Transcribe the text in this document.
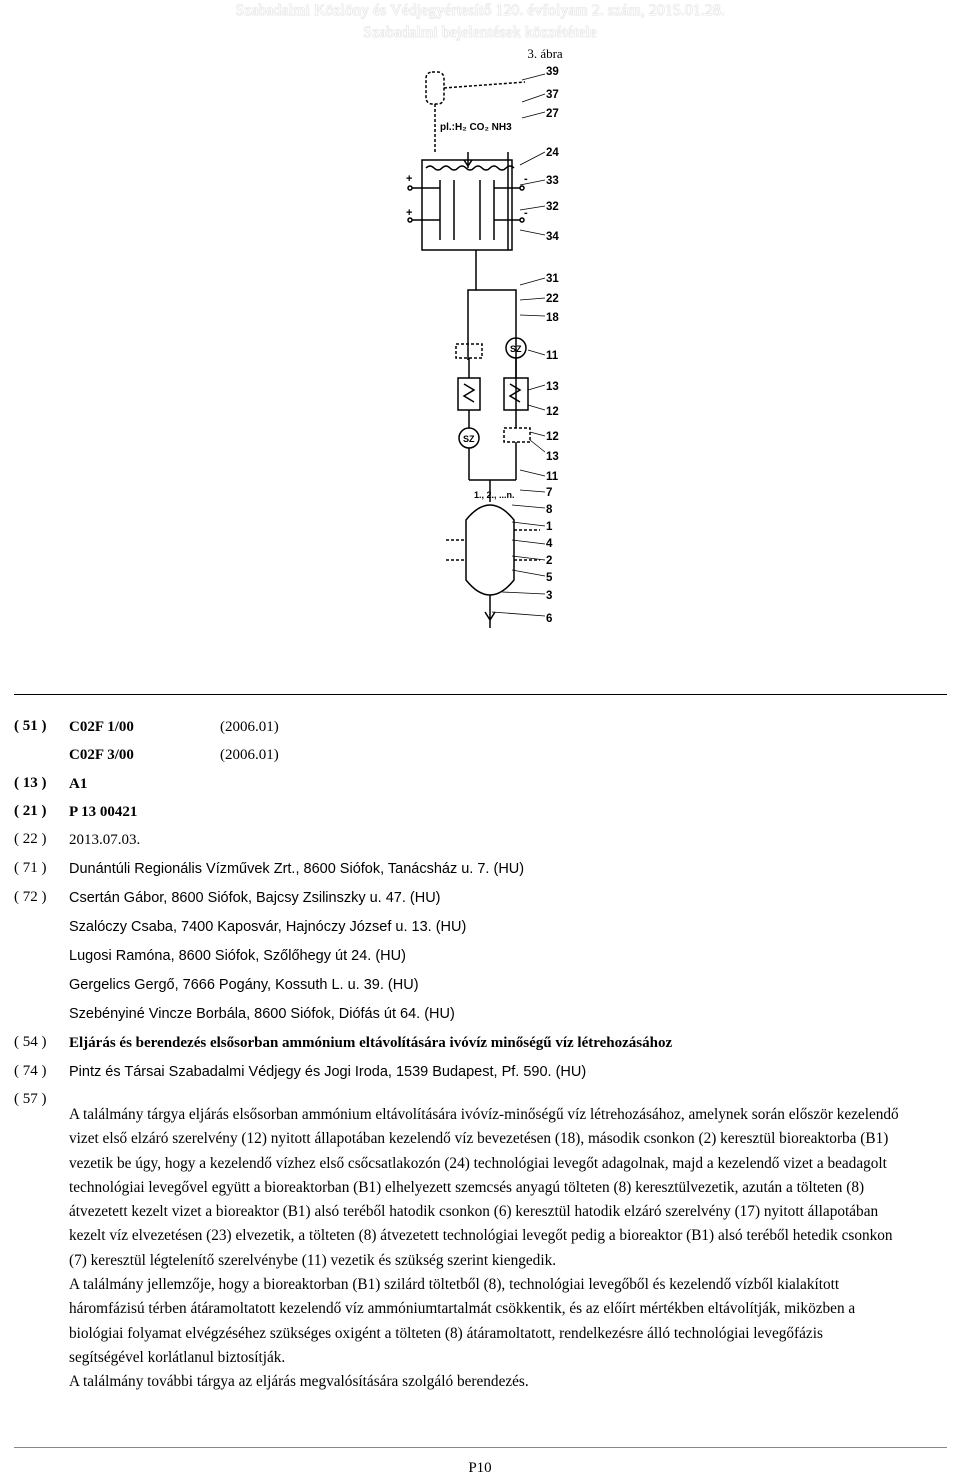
Szabadalmi Közlöny és Védjegyértesítő 120. évfolyam 2. szám, 2015.01.28.
Szabadalmi bejelentések közzététele
3. ábra
pl.:H₂ CO₂ NH3
SZ
SZ
1., 2., ...n.
+
+
-
-
39
37
27
24
33
32
34
31
22
18
11
13
12
12
13
11
7
8
1
4
2
5
3
6
( 51 )	C02F 1/00	(2006.01)
C02F 3/00	(2006.01)
( 13 )	A1
( 21 )	P 13 00421
( 22 )	2013.07.03.
( 71 )	Dunántúli Regionális Vízművek Zrt., 8600 Siófok, Tanácsház u. 7. (HU)
( 72 )	Csertán Gábor, 8600 Siófok, Bajcsy Zsilinszky u. 47. (HU)
Szalóczy Csaba, 7400 Kaposvár, Hajnóczy József u. 13. (HU)
Lugosi Ramóna, 8600 Siófok, Szőlőhegy út 24. (HU)
Gergelics Gergő, 7666 Pogány, Kossuth L. u. 39. (HU)
Szebényiné Vincze Borbála, 8600 Siófok, Diófás út 64. (HU)
( 54 )	Eljárás és berendezés elsősorban ammónium eltávolítására ivóvíz minőségű víz létrehozásához
( 74 )	Pintz és Társai Szabadalmi Védjegy és Jogi Iroda, 1539 Budapest, Pf. 590. (HU)
( 57 )

A találmány tárgya eljárás elsősorban ammónium eltávolítására ivóvíz-minőségű víz létrehozásához, amelynek során először kezelendő vizet első elzáró szerelvény (12) nyitott állapotában kezelendő víz bevezetésen (18), második csonkon (2) keresztül bioreaktorba (B1) vezetik be úgy, hogy a kezelendő vízhez első csőcsatlakozón (24) technológiai levegőt adagolnak, majd a kezelendő vizet a beadagolt technológiai levegővel együtt a bioreaktorban (B1) elhelyezett szemcsés anyagú tölteten (8) keresztülvezetik, azután a tölteten (8) átvezetett kezelt vizet a bioreaktor (B1) alsó teréből hatodik csonkon (6) keresztül hatodik elzáró szerelvény (17) nyitott állapotában kezelt víz elvezetésen (23) elvezetik, a tölteten (8) átvezetett technológiai levegőt pedig a bioreaktor (B1) alsó teréből hetedik csonkon (7) keresztül légtelenítő szerelvénybe (11) vezetik és szükség szerint kiengedik.

A találmány jellemzője, hogy a bioreaktorban (B1) szilárd töltetből (8), technológiai levegőből és kezelendő vízből kialakított háromfázisú térben átáramoltatott kezelendő víz ammóniumtartalmát csökkentik, és az előírt mértékben eltávolítják, miközben a biológiai folyamat elvégzéséhez szükséges oxigént a tölteten (8) átáramoltatott, rendelkezésre álló technológiai levegőfázis segítségével korlátlanul biztosítják.

A találmány további tárgya az eljárás megvalósítására szolgáló berendezés.

P10
